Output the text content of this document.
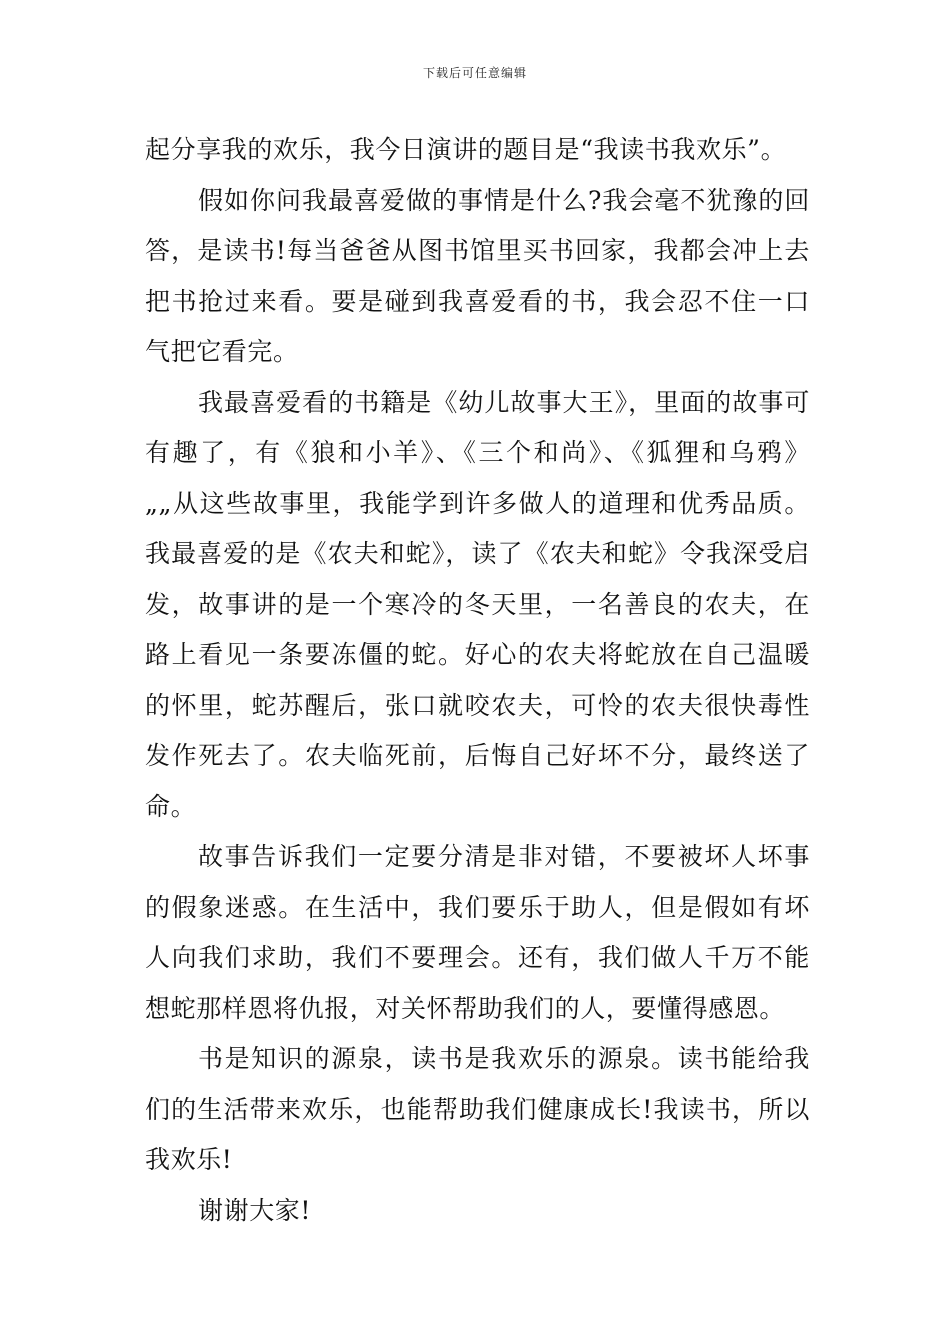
下载后可任意编辑

起分享我的欢乐，我今日演讲的题目是“我读书我欢乐”。

假如你问我最喜爱做的事情是什么?我会毫不犹豫的回答，是读书!每当爸爸从图书馆里买书回家，我都会冲上去把书抢过来看。要是碰到我喜爱看的书，我会忍不住一口气把它看完。

我最喜爱看的书籍是《幼儿故事大王》，里面的故事可有趣了，有《狼和小羊》、《三个和尚》、《狐狸和乌鸦》„„从这些故事里，我能学到许多做人的道理和优秀品质。我最喜爱的是《农夫和蛇》，读了《农夫和蛇》令我深受启发，故事讲的是一个寒冷的冬天里，一名善良的农夫，在路上看见一条要冻僵的蛇。好心的农夫将蛇放在自己温暖的怀里，蛇苏醒后，张口就咬农夫，可怜的农夫很快毒性发作死去了。农夫临死前，后悔自己好坏不分，最终送了命。

故事告诉我们一定要分清是非对错，不要被坏人坏事的假象迷惑。在生活中，我们要乐于助人，但是假如有坏人向我们求助，我们不要理会。还有，我们做人千万不能想蛇那样恩将仇报，对关怀帮助我们的人，要懂得感恩。

书是知识的源泉，读书是我欢乐的源泉。读书能给我们的生活带来欢乐，也能帮助我们健康成长!我读书，所以我欢乐!

谢谢大家!
